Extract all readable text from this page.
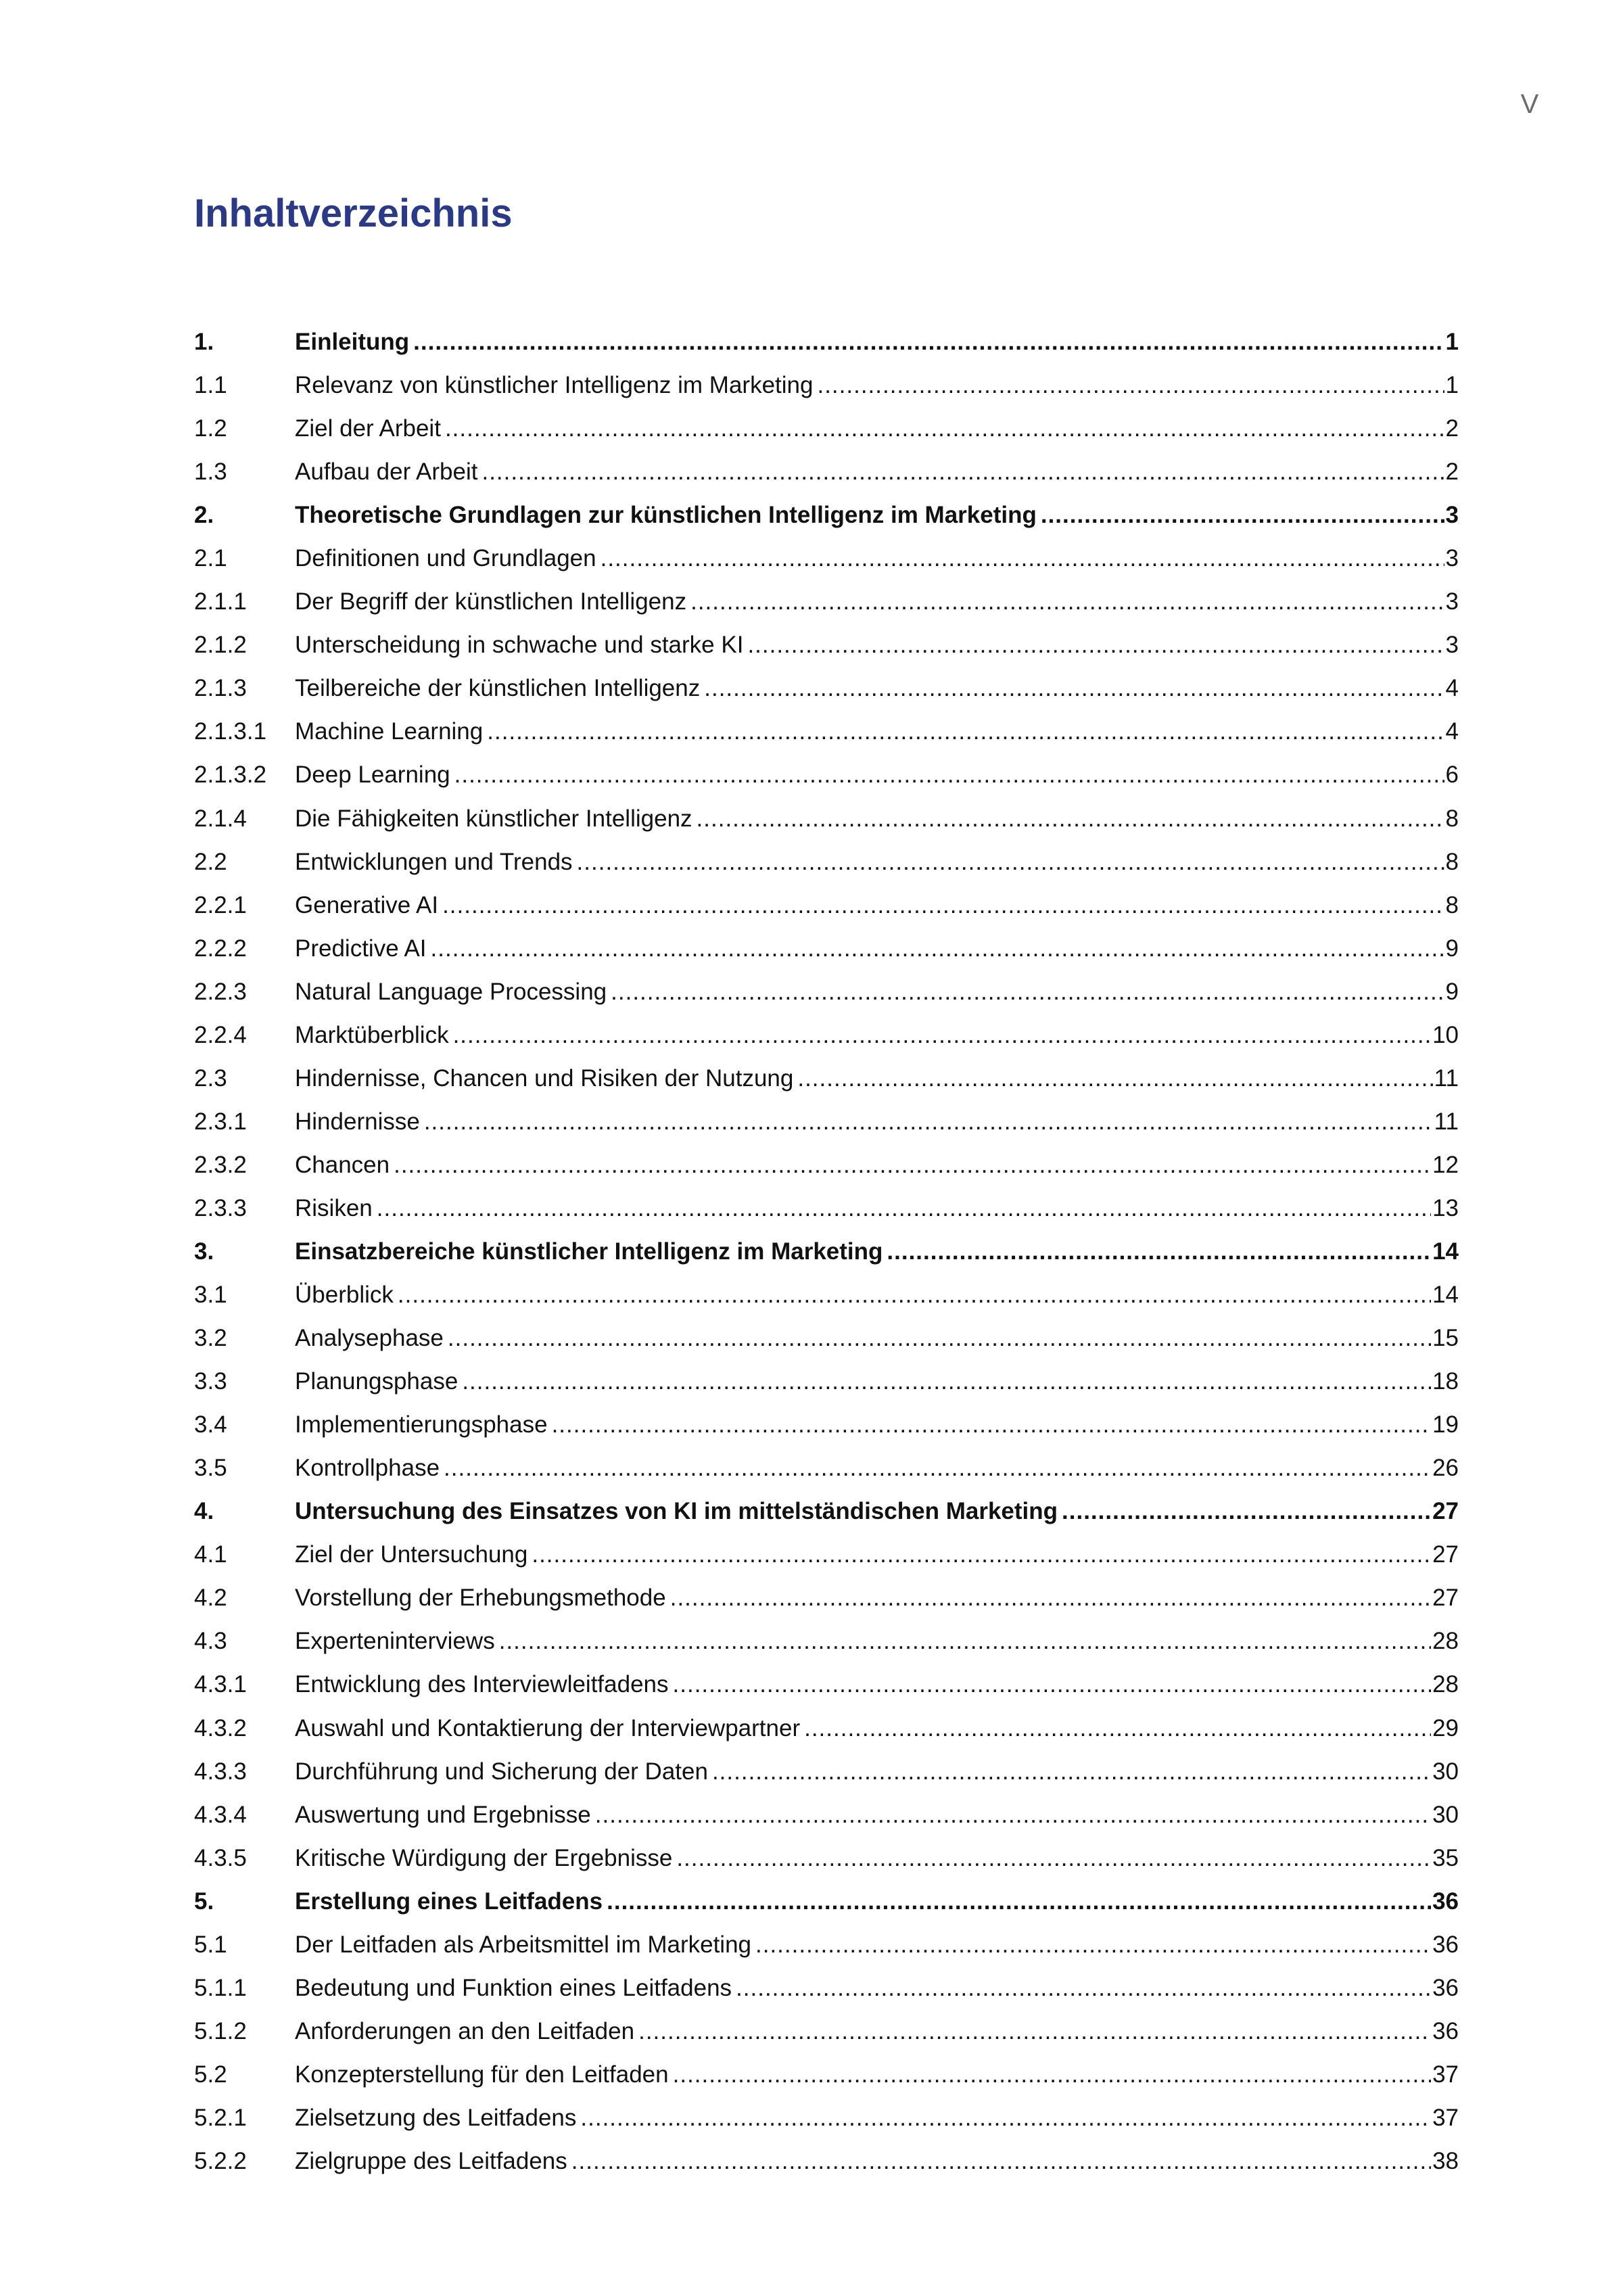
V
Inhaltverzeichnis
1.	Einleitung .....	1
1.1	Relevanz von künstlicher Intelligenz im Marketing .....	1
1.2	Ziel der Arbeit .....	2
1.3	Aufbau der Arbeit .....	2
2.	Theoretische Grundlagen zur künstlichen Intelligenz im Marketing .....	3
2.1	Definitionen und Grundlagen .....	3
2.1.1	Der Begriff der künstlichen Intelligenz .....	3
2.1.2	Unterscheidung in schwache und starke KI .....	3
2.1.3	Teilbereiche der künstlichen Intelligenz .....	4
2.1.3.1	Machine Learning .....	4
2.1.3.2	Deep Learning .....	6
2.1.4	Die Fähigkeiten künstlicher Intelligenz .....	8
2.2	Entwicklungen und Trends .....	8
2.2.1	Generative AI .....	8
2.2.2	Predictive AI .....	9
2.2.3	Natural Language Processing .....	9
2.2.4	Marktüberblick .....	10
2.3	Hindernisse, Chancen und Risiken der Nutzung .....	11
2.3.1	Hindernisse .....	11
2.3.2	Chancen .....	12
2.3.3	Risiken .....	13
3.	Einsatzbereiche künstlicher Intelligenz im Marketing .....	14
3.1	Überblick .....	14
3.2	Analysephase .....	15
3.3	Planungsphase .....	18
3.4	Implementierungsphase .....	19
3.5	Kontrollphase .....	26
4.	Untersuchung des Einsatzes von KI im mittelständischen Marketing .....	27
4.1	Ziel der Untersuchung .....	27
4.2	Vorstellung der Erhebungsmethode .....	27
4.3	Experteninterviews .....	28
4.3.1	Entwicklung des Interviewleitfadens .....	28
4.3.2	Auswahl und Kontaktierung der Interviewpartner .....	29
4.3.3	Durchführung und Sicherung der Daten .....	30
4.3.4	Auswertung und Ergebnisse .....	30
4.3.5	Kritische Würdigung der Ergebnisse .....	35
5.	Erstellung eines Leitfadens .....	36
5.1	Der Leitfaden als Arbeitsmittel im Marketing .....	36
5.1.1	Bedeutung und Funktion eines Leitfadens .....	36
5.1.2	Anforderungen an den Leitfaden .....	36
5.2	Konzepterstellung für den Leitfaden .....	37
5.2.1	Zielsetzung des Leitfadens .....	37
5.2.2	Zielgruppe des Leitfadens .....	38
